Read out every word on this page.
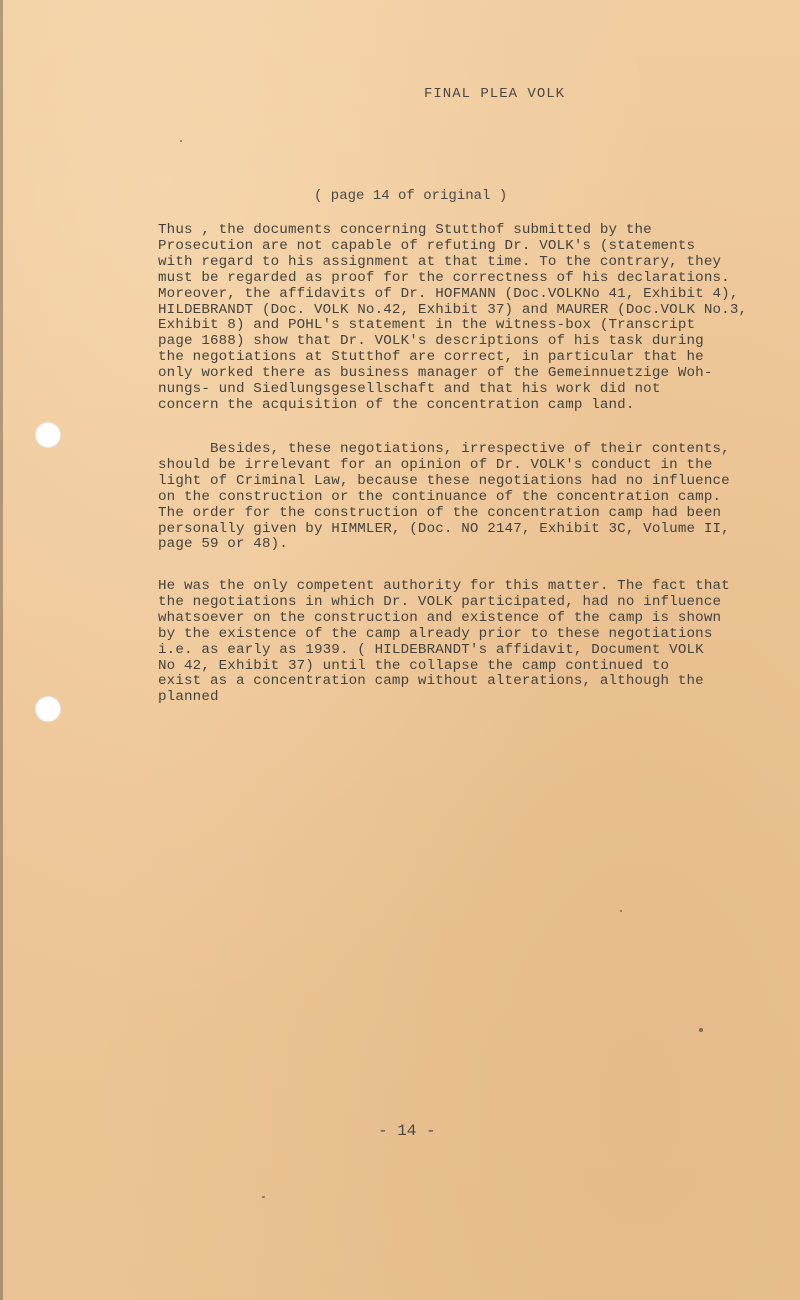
FINAL PLEA VOLK
( page 14 of original )
Thus , the documents concerning Stutthof submitted by the
Prosecution are not capable of refuting Dr. VOLK's (statements
with regard to his assignment at that time. To the contrary, they
must be regarded as proof for the correctness of his declarations.
Moreover, the affidavits of Dr. HOFMANN (Doc.VOLKNo 41, Exhibit 4),
HILDEBRANDT (Doc. VOLK No.42, Exhibit 37) and MAURER (Doc.VOLK No.3,
Exhibit 8) and POHL's statement in the witness-box (Transcript
page 1688) show that Dr. VOLK's descriptions of his task during
the negotiations at Stutthof are correct, in particular that he
only worked there as business manager of the Gemeinnuetzige Woh-
nungs- und Siedlungsgesellschaft and that his work did not
concern the acquisition of the concentration camp land.
Besides, these negotiations, irrespective of their contents,
should be irrelevant for an opinion of Dr. VOLK's conduct in the
light of Criminal Law, because these negotiations had no influence
on the construction or the continuance of the concentration camp.
The order for the construction of the concentration camp had been
personally given by HIMMLER, (Doc. NO 2147, Exhibit 3C, Volume II,
page 59 or 48).
He was the only competent authority for this matter. The fact that
the negotiations in which Dr. VOLK participated, had no influence
whatsoever on the construction and existence of the camp is shown
by the existence of the camp already prior to these negotiations
i.e. as early as 1939. ( HILDEBRANDT's affidavit, Document VOLK
No 42, Exhibit 37) until the collapse the camp continued to
exist as a concentration camp without alterations, although the
planned
- 14 -
